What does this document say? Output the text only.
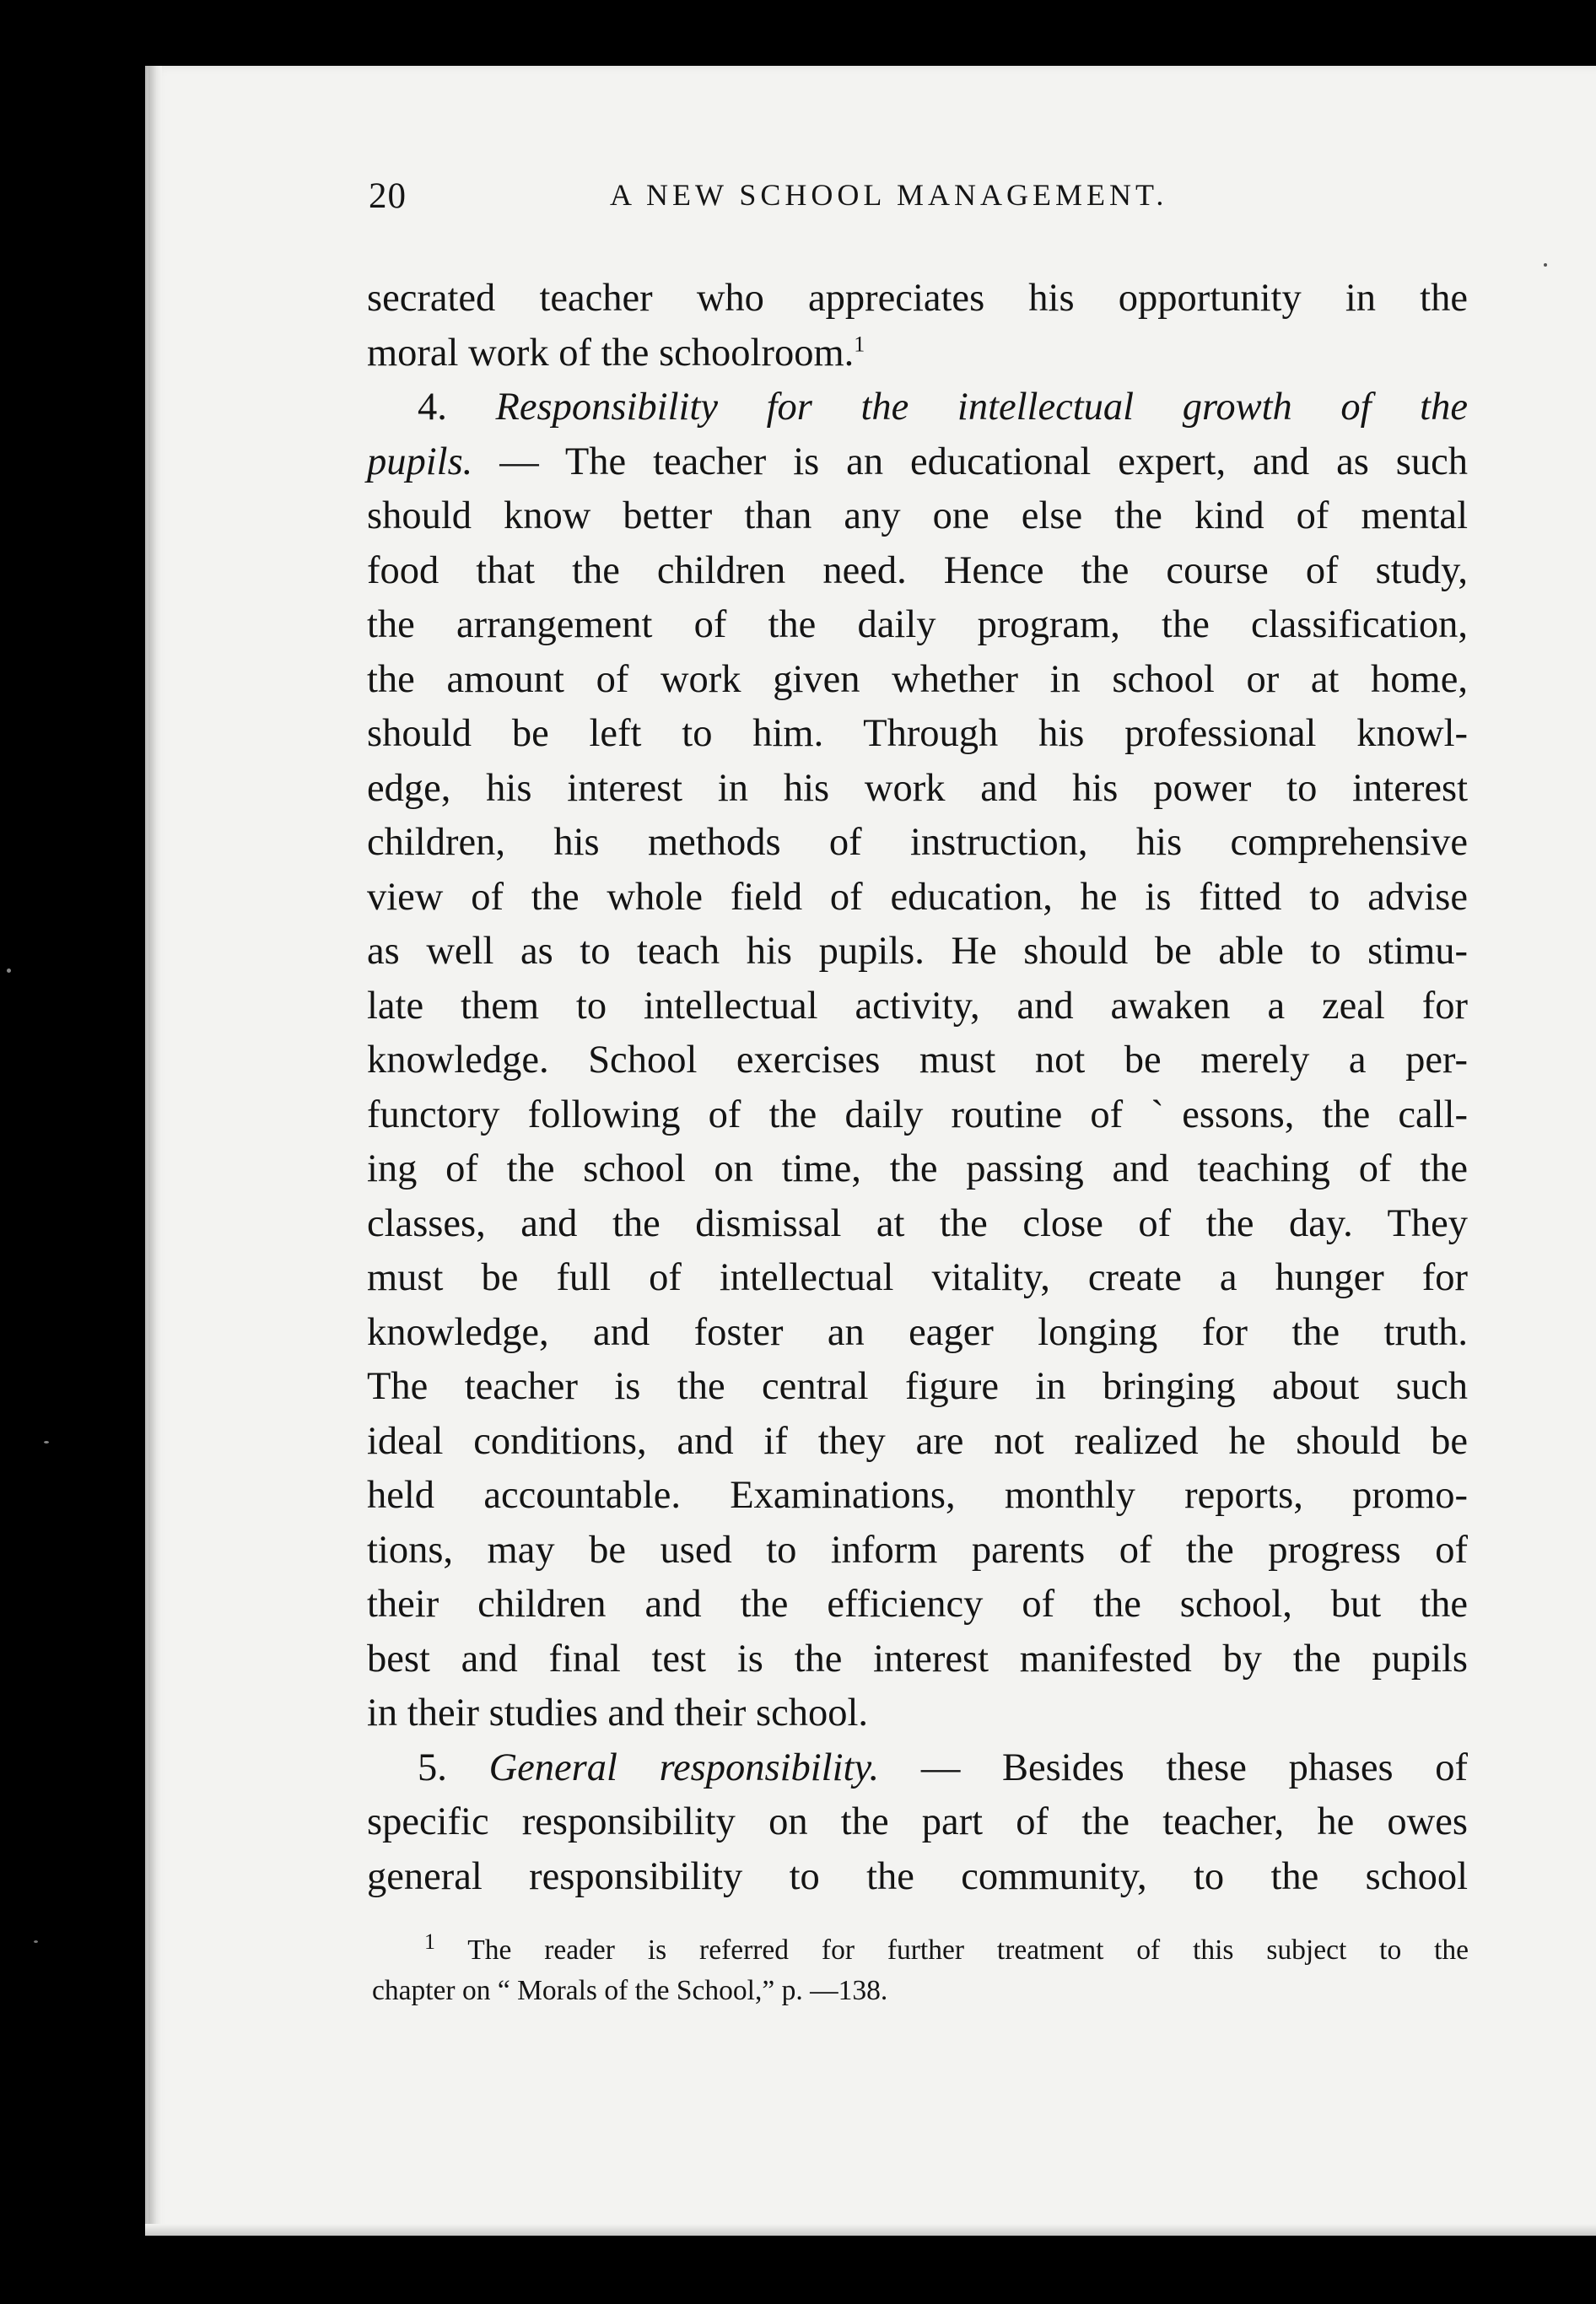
20	A NEW SCHOOL MANAGEMENT.
secrated teacher who appreciates his opportunity in the
moral work of the schoolroom.$^1$
4. Responsibility for the intellectual growth of the
pupils. — The teacher is an educational expert, and as such
should know better than any one else the kind of mental
food that the children need. Hence the course of study,
the arrangement of the daily program, the classification,
the amount of work given whether in school or at home,
should be left to him. Through his professional knowl-
edge, his interest in his work and his power to interest
children, his methods of instruction, his comprehensive
view of the whole field of education, he is fitted to advise
as well as to teach his pupils. He should be able to stimu-
late them to intellectual activity, and awaken a zeal for
knowledge. School exercises must not be merely a per-
functory following of the daily routine of ˋessons, the call-
ing of the school on time, the passing and teaching of the
classes, and the dismissal at the close of the day. They
must be full of intellectual vitality, create a hunger for
knowledge, and foster an eager longing for the truth.
The teacher is the central figure in bringing about such
ideal conditions, and if they are not realized he should be
held accountable. Examinations, monthly reports, promo-
tions, may be used to inform parents of the progress of
their children and the efficiency of the school, but the
best and final test is the interest manifested by the pupils
in their studies and their school.
5. General responsibility. — Besides these phases of
specific responsibility on the part of the teacher, he owes
general responsibility to the community, to the school
$^1$ The reader is referred for further treatment of this subject to the
chapter on “ Morals of the School,” p. —138.
